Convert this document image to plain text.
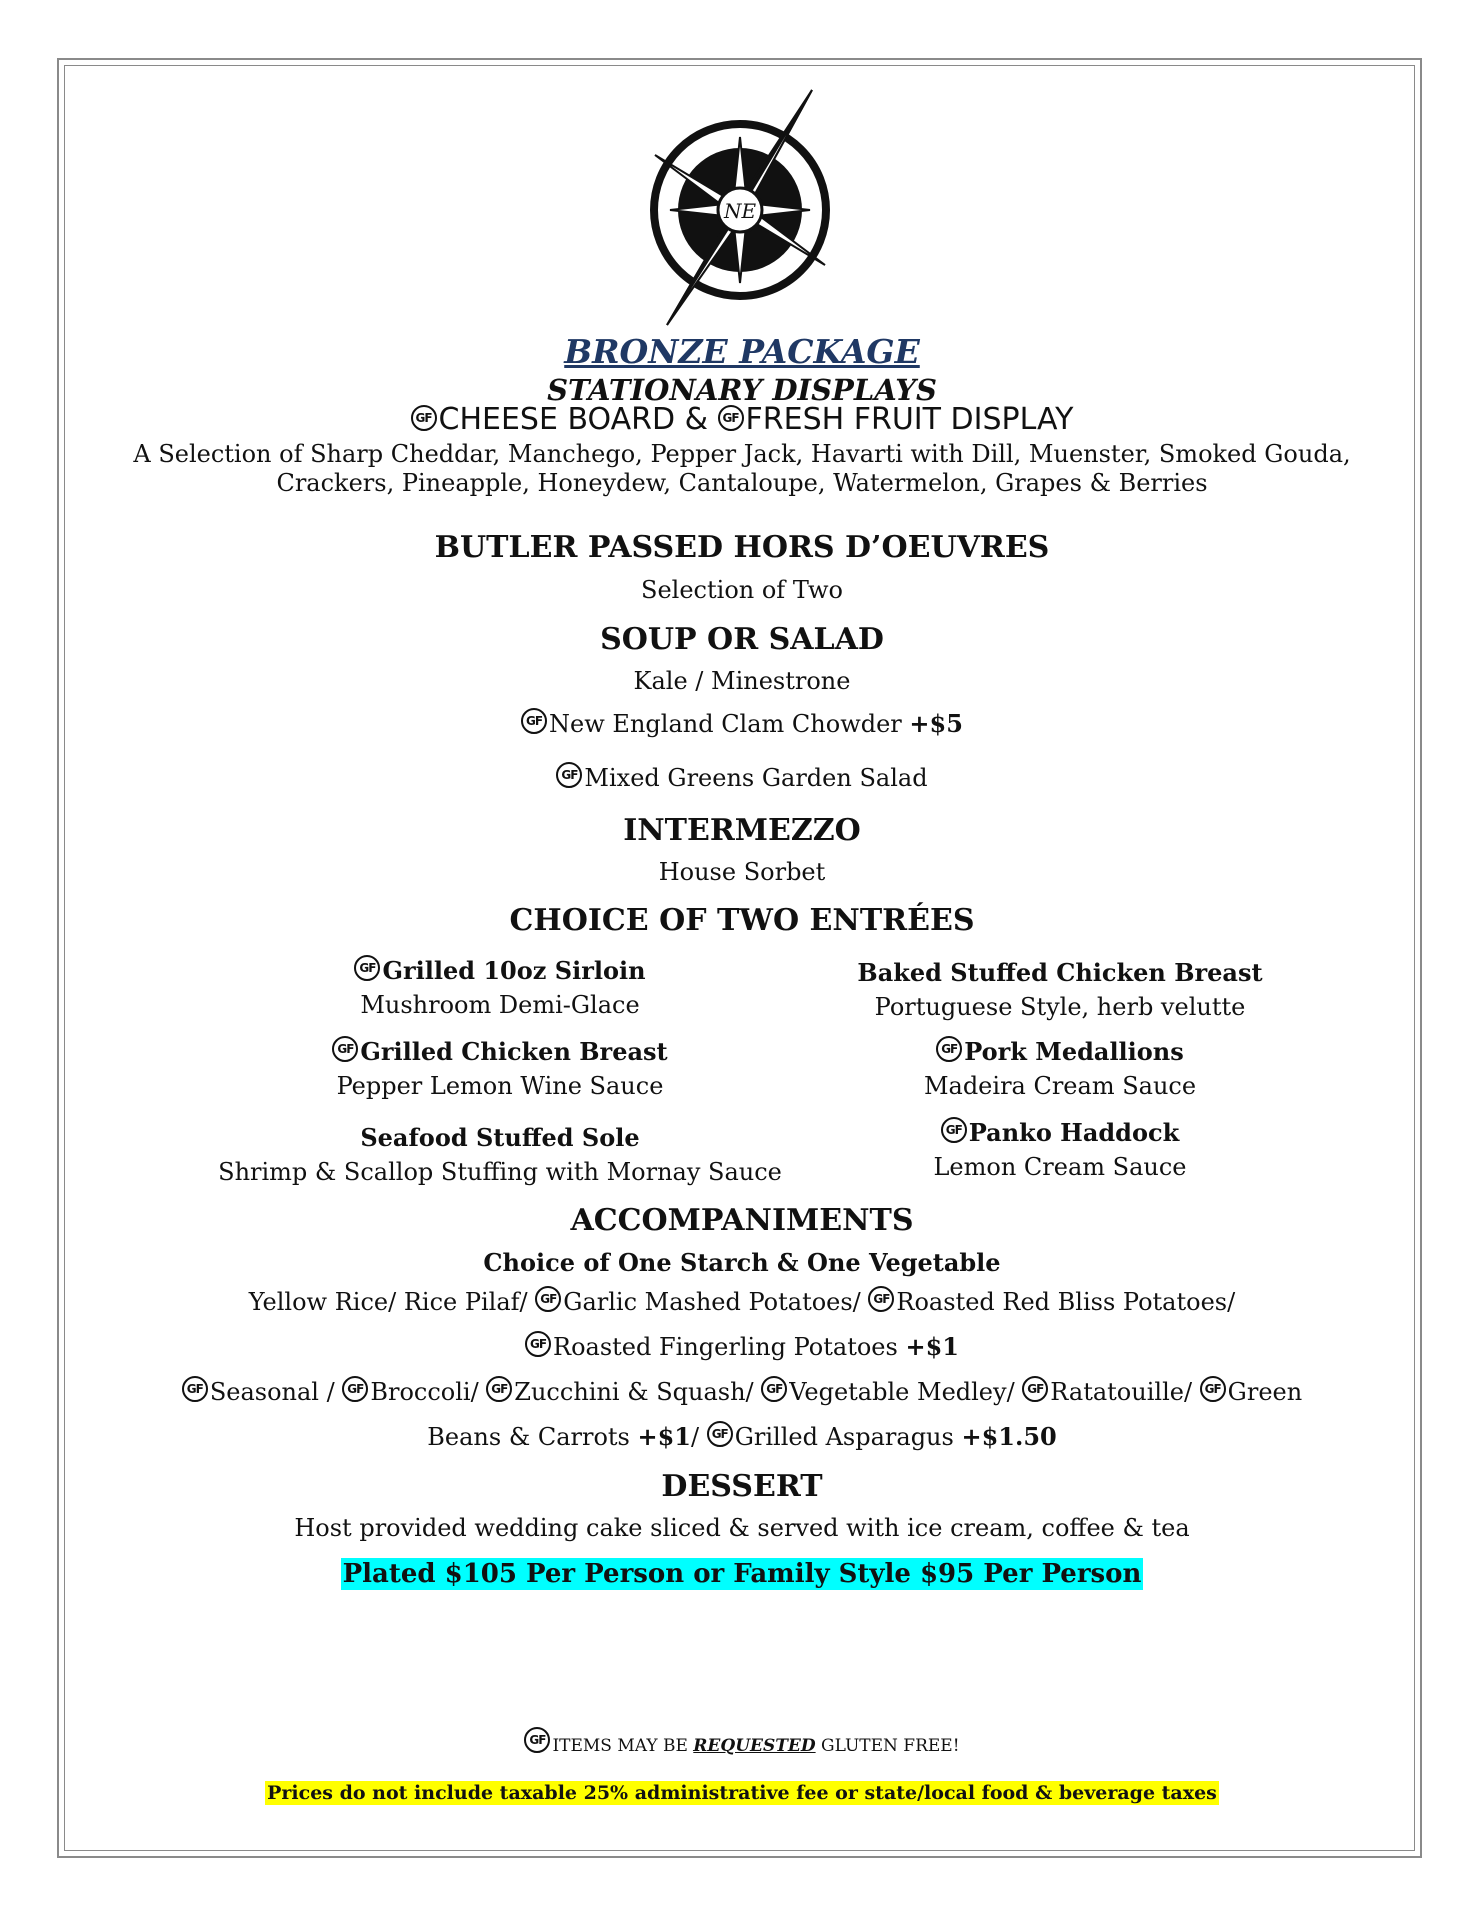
NE
BRONZE PACKAGE
STATIONARY DISPLAYS
GF CHEESE BOARD & GF FRESH FRUIT DISPLAY
A Selection of Sharp Cheddar, Manchego, Pepper Jack, Havarti with Dill, Muenster, Smoked Gouda,
Crackers, Pineapple, Honeydew, Cantaloupe, Watermelon, Grapes & Berries
BUTLER PASSED HORS D’OEUVRES
Selection of Two
SOUP OR SALAD
Kale / Minestrone
GF New England Clam Chowder +$5
GF Mixed Greens Garden Salad
INTERMEZZO
House Sorbet
CHOICE OF TWO ENTRÉES
GF Grilled 10oz Sirloin
Mushroom Demi-Glace
GF Grilled Chicken Breast
Pepper Lemon Wine Sauce
Seafood Stuffed Sole
Shrimp & Scallop Stuffing with Mornay Sauce
Baked Stuffed Chicken Breast
Portuguese Style, herb velutte
GF Pork Medallions
Madeira Cream Sauce
GF Panko Haddock
Lemon Cream Sauce
ACCOMPANIMENTS
Choice of One Starch & One Vegetable
Yellow Rice/ Rice Pilaf/ GF Garlic Mashed Potatoes/ GF Roasted Red Bliss Potatoes/
GF Roasted Fingerling Potatoes +$1
GF Seasonal / GF Broccoli/ GF Zucchini & Squash/ GF Vegetable Medley/ GF Ratatouille/ GF Green
Beans & Carrots +$1/ GF Grilled Asparagus +$1.50
DESSERT
Host provided wedding cake sliced & served with ice cream, coffee & tea
Plated $105 Per Person or Family Style $95 Per Person
GF ITEMS MAY BE REQUESTED GLUTEN FREE!
Prices do not include taxable 25% administrative fee or state/local food & beverage taxes
